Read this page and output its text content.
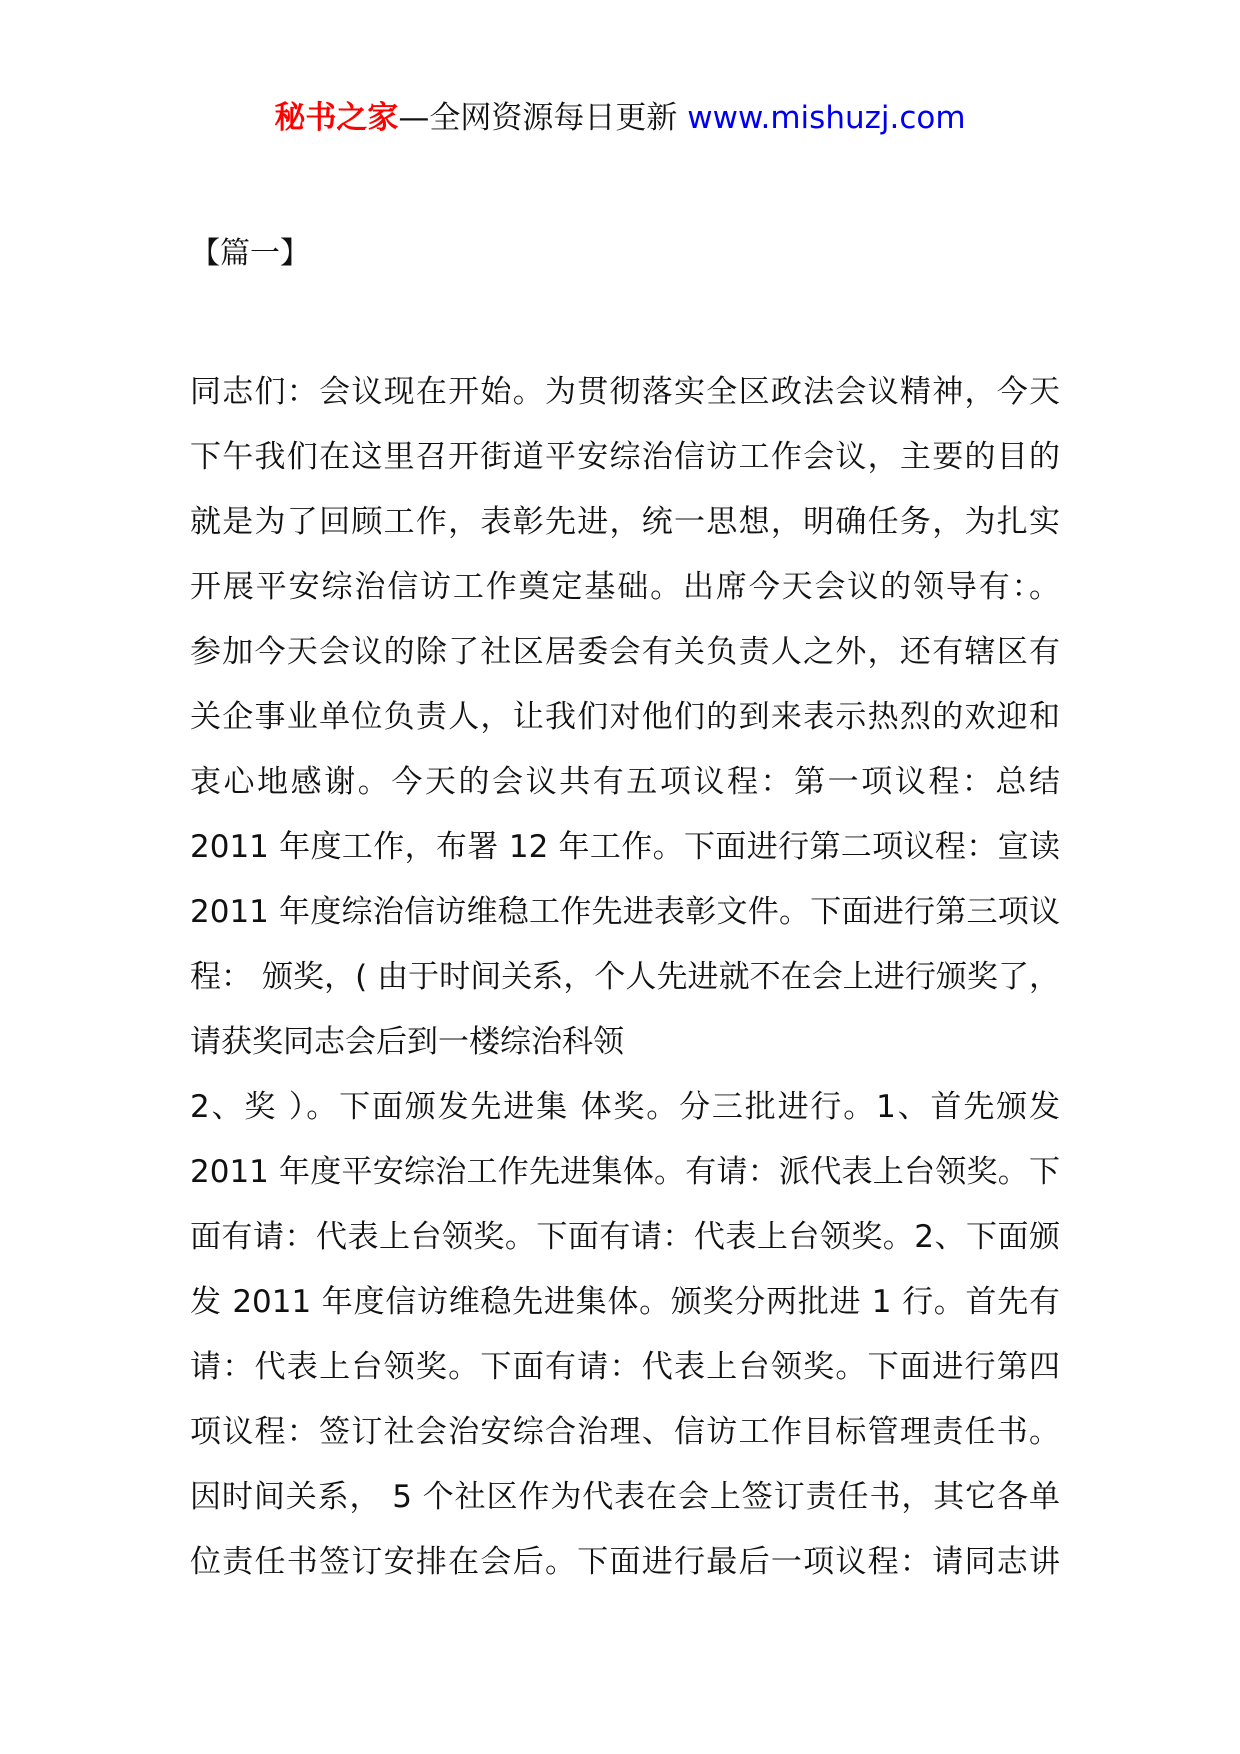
秘书之家—全网资源每日更新 www.mishuzj.com
【篇一】
同志们：会议现在开始。为贯彻落实全区政法会议精神，今天
下午我们在这里召开街道平安综治信访工作会议，主要的目的
就是为了回顾工作，表彰先进，统一思想，明确任务，为扎实
开展平安综治信访工作奠定基础。出席今天会议的领导有：。
参加今天会议的除了社区居委会有关负责人之外，还有辖区有
关企事业单位负责人，让我们对他们的到来表示热烈的欢迎和
衷心地感谢。今天的会议共有五项议程：第一项议程：总结
2011 年度工作，布署 12 年工作。下面进行第二项议程：宣读
2011 年度综治信访维稳工作先进表彰文件。下面进行第三项议
程： 颁奖，( 由于时间关系，个人先进就不在会上进行颁奖了，
请获奖同志会后到一楼综治科领
2、奖 ）。下面颁发先进集 体奖。分三批进行。1、首先颁发
2011 年度平安综治工作先进集体。有请：派代表上台领奖。下
面有请：代表上台领奖。下面有请：代表上台领奖。2、下面颁
发 2011 年度信访维稳先进集体。颁奖分两批进 1 行。首先有
请：代表上台领奖。下面有请：代表上台领奖。下面进行第四
项议程：签订社会治安综合治理、信访工作目标管理责任书。
因时间关系， 5 个社区作为代表在会上签订责任书，其它各单
位责任书签订安排在会后。下面进行最后一项议程：请同志讲
